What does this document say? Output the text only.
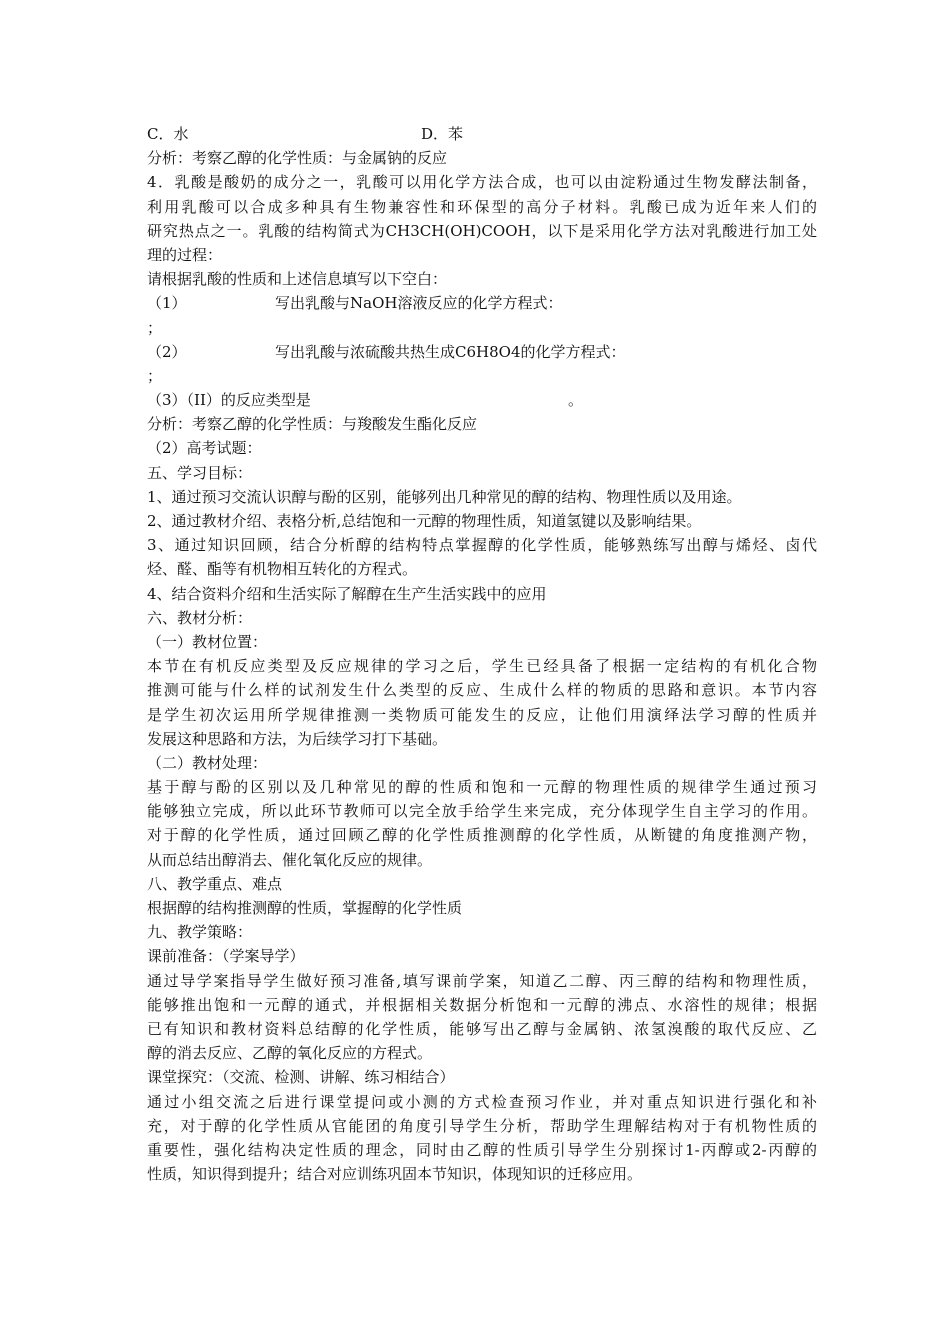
C．水	D．苯
分析：考察乙醇的化学性质：与金属钠的反应
4．乳酸是酸奶的成分之一，乳酸可以用化学方法合成，也可以由淀粉通过生物发酵法制备，
利用乳酸可以合成多种具有生物兼容性和环保型的高分子材料。乳酸已成为近年来人们的
研究热点之一。乳酸的结构简式为CH3CH(OH)COOH，以下是采用化学方法对乳酸进行加工处
理的过程：
请根据乳酸的性质和上述信息填写以下空白：
（1）	写出乳酸与NaOH溶液反应的化学方程式：
；
（2）	写出乳酸与浓硫酸共热生成C6H8O4的化学方程式：
；
（3）（II）的反应类型是	。
分析：考察乙醇的化学性质：与羧酸发生酯化反应
（2）高考试题：
五、学习目标：
1、通过预习交流认识醇与酚的区别，能够列出几种常见的醇的结构、物理性质以及用途。
2、通过教材介绍、表格分析,总结饱和一元醇的物理性质，知道氢键以及影响结果。
3、通过知识回顾，结合分析醇的结构特点掌握醇的化学性质，能够熟练写出醇与烯烃、卤代
烃、醛、酯等有机物相互转化的方程式。
4、结合资料介绍和生活实际了解醇在生产生活实践中的应用
六、教材分析：
（一）教材位置：
本节在有机反应类型及反应规律的学习之后，学生已经具备了根据一定结构的有机化合物
推测可能与什么样的试剂发生什么类型的反应、生成什么样的物质的思路和意识。本节内容
是学生初次运用所学规律推测一类物质可能发生的反应，让他们用演绎法学习醇的性质并
发展这种思路和方法，为后续学习打下基础。
（二）教材处理：
基于醇与酚的区别以及几种常见的醇的性质和饱和一元醇的物理性质的规律学生通过预习
能够独立完成，所以此环节教师可以完全放手给学生来完成，充分体现学生自主学习的作用。
对于醇的化学性质，通过回顾乙醇的化学性质推测醇的化学性质，从断键的角度推测产物，
从而总结出醇消去、催化氧化反应的规律。
八、教学重点、难点
根据醇的结构推测醇的性质，掌握醇的化学性质
九、教学策略：
课前准备：（学案导学）
通过导学案指导学生做好预习准备,填写课前学案，知道乙二醇、丙三醇的结构和物理性质，
能够推出饱和一元醇的通式，并根据相关数据分析饱和一元醇的沸点、水溶性的规律；根据
已有知识和教材资料总结醇的化学性质，能够写出乙醇与金属钠、浓氢溴酸的取代反应、乙
醇的消去反应、乙醇的氧化反应的方程式。
课堂探究：（交流、检测、讲解、练习相结合）
通过小组交流之后进行课堂提问或小测的方式检查预习作业，并对重点知识进行强化和补
充，对于醇的化学性质从官能团的角度引导学生分析，帮助学生理解结构对于有机物性质的
重要性，强化结构决定性质的理念，同时由乙醇的性质引导学生分别探讨1-丙醇或2-丙醇的
性质，知识得到提升；结合对应训练巩固本节知识，体现知识的迁移应用。
